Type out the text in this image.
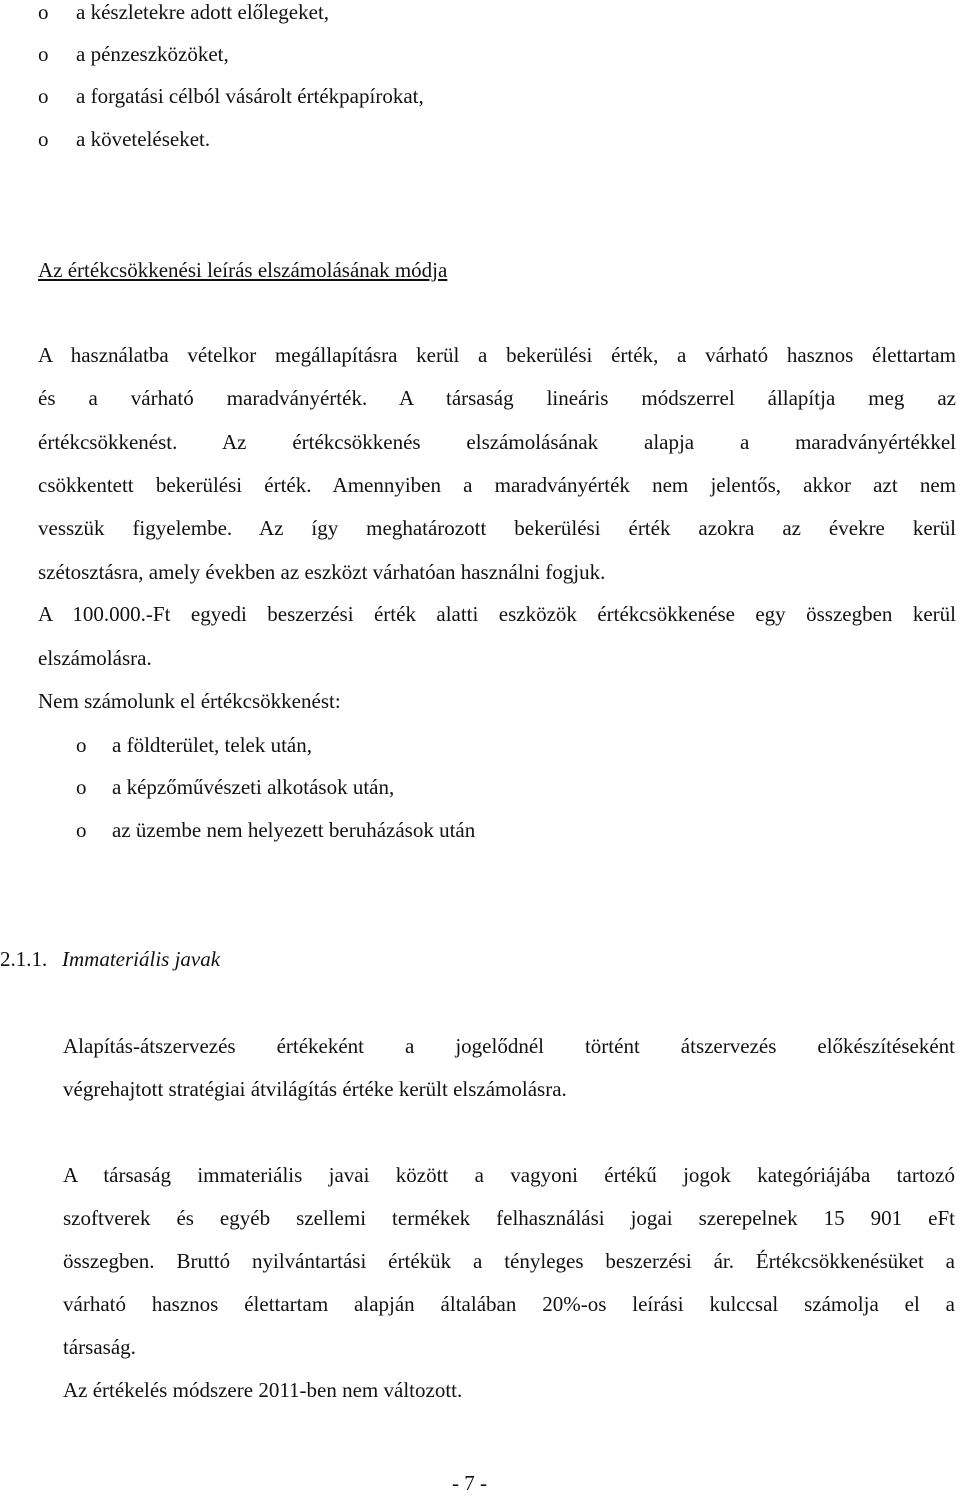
o a készletekre adott előlegeket,
o a pénzeszközöket,
o a forgatási célból vásárolt értékpapírokat,
o a követeléseket.
Az értékcsökkenési leírás elszámolásának módja
A használatba vételkor megállapításra kerül a bekerülési érték, a várható hasznos élettartam
és a várható maradványérték. A társaság lineáris módszerrel állapítja meg az
értékcsökkenést. Az értékcsökkenés elszámolásának alapja a maradványértékkel
csökkentett bekerülési érték. Amennyiben a maradványérték nem jelentős, akkor azt nem
vesszük figyelembe. Az így meghatározott bekerülési érték azokra az évekre kerül
szétosztásra, amely években az eszközt várhatóan használni fogjuk.
A 100.000.-Ft egyedi beszerzési érték alatti eszközök értékcsökkenése egy összegben kerül
elszámolásra.
Nem számolunk el értékcsökkenést:
o a földterület, telek után,
o a képzőművészeti alkotások után,
o az üzembe nem helyezett beruházások után
2.1.1. Immateriális javak
Alapítás-átszervezés értékeként a jogelődnél történt átszervezés előkészítéseként
végrehajtott stratégiai átvilágítás értéke került elszámolásra.
A társaság immateriális javai között a vagyoni értékű jogok kategóriájába tartozó
szoftverek és egyéb szellemi termékek felhasználási jogai szerepelnek 15 901 eFt
összegben. Bruttó nyilvántartási értékük a tényleges beszerzési ár. Értékcsökkenésüket a
várható hasznos élettartam alapján általában 20%-os leírási kulccsal számolja el a
társaság.
Az értékelés módszere 2011-ben nem változott.
- 7 -
